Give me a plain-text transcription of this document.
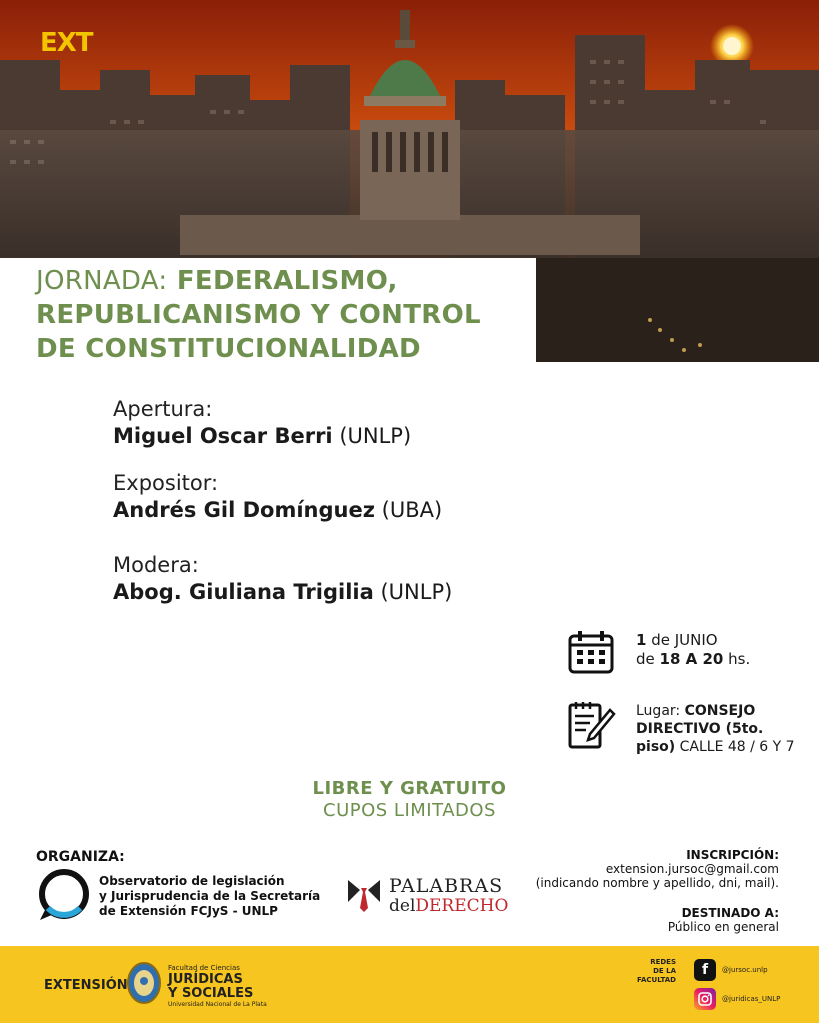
EXT
JORNADA: FEDERALISMO,
REPUBLICANISMO Y CONTROL
DE CONSTITUCIONALIDAD
Apertura:
Miguel Oscar Berri (UNLP)
Expositor:
Andrés Gil Domínguez (UBA)
Modera:
Abog. Giuliana Trigilia (UNLP)
1 de JUNIO
de 18 A 20 hs.
Lugar: CONSEJO
DIRECTIVO (5to.
piso) CALLE 48 / 6 Y 7
LIBRE Y GRATUITO
CUPOS LIMITADOS
ORGANIZA:
Observatorio de legislación
y Jurisprudencia de la Secretaría
de Extensión FCJyS - UNLP
PALABRAS
delDERECHO
INSCRIPCIÓN:
extension.jursoc@gmail.com
(indicando nombre y apellido, dni, mail).
DESTINADO A:
Público en general
EXTENSIÓN
Facultad de Ciencias
JURÍDICAS
Y SOCIALES
Universidad Nacional de La Plata
REDES
DE LA
FACULTAD
f	@jursoc.unlp
@juridicas_UNLP
